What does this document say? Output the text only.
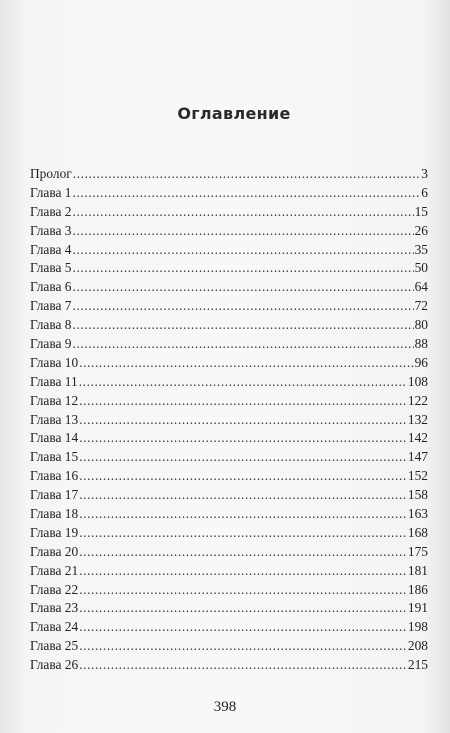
Оглавление
Пролог .....	3
Глава 1 .....	6
Глава 2 .....	15
Глава 3 .....	26
Глава 4 .....	35
Глава 5 .....	50
Глава 6 .....	64
Глава 7 .....	72
Глава 8 .....	80
Глава 9 .....	88
Глава 10 .....	96
Глава 11 .....	108
Глава 12 .....	122
Глава 13 .....	132
Глава 14 .....	142
Глава 15 .....	147
Глава 16 .....	152
Глава 17 .....	158
Глава 18 .....	163
Глава 19 .....	168
Глава 20 .....	175
Глава 21 .....	181
Глава 22 .....	186
Глава 23 .....	191
Глава 24 .....	198
Глава 25 .....	208
Глава 26 .....	215
398
